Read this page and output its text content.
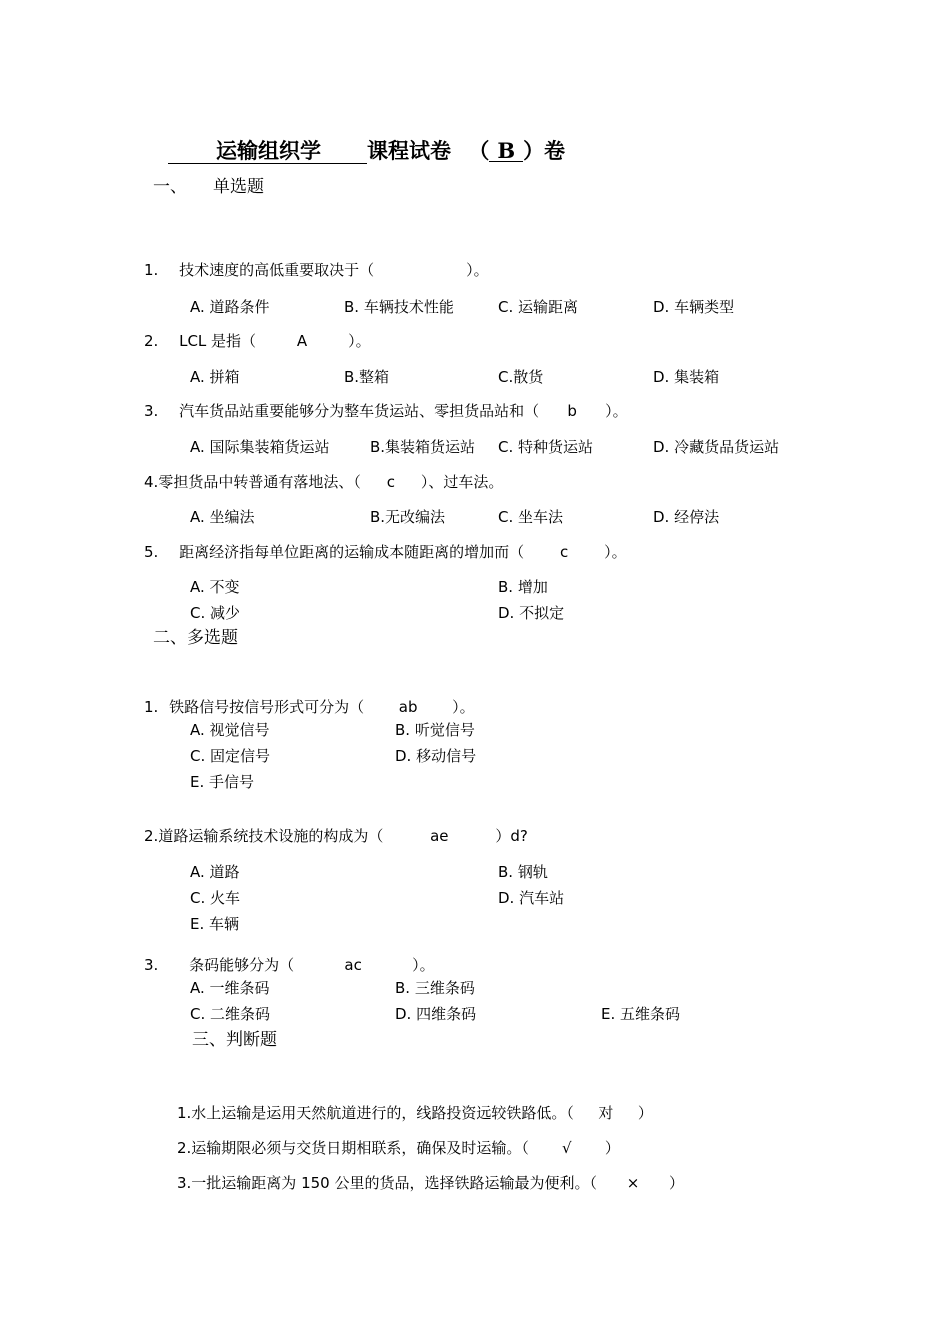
运输组织学 课程试卷 （ B ）卷
一、 单选题
1. 技术速度的高低重要取决于（	）。
A. 道路条件	B. 车辆技术性能	C. 运输距离	D. 车辆类型
2. LCL 是指（	A	）。
A. 拼箱	B.整箱	C.散货	D. 集装箱
3. 汽车货品站重要能够分为整车货运站、零担货品站和（ b ）。
A. 国际集装箱货运站	B.集装箱货运站 C. 特种货运站	D. 冷藏货品货运站
4.零担货品中转普通有落地法、（ c ）、过车法。
A. 坐编法	B.无改编法	C. 坐车法	D. 经停法
5. 距离经济指每单位距离的运输成本随距离的增加而（ c ）。
A. 不变	B. 增加
C. 减少	D. 不拟定
二、多选题
1. 铁路信号按信号形式可分为（ ab ）。
A. 视觉信号	B. 听觉信号
C. 固定信号	D. 移动信号
E. 手信号
2.道路运输系统技术设施的构成为（	ae	）d?
A. 道路	B. 钢轨
C. 火车	D. 汽车站
E. 车辆
3. 条码能够分为（	ac	）。
A. 一维条码	B. 三维条码
C. 二维条码	D. 四维条码	E. 五维条码
三、判断题
1.水上运输是运用天然航道进行的，线路投资远较铁路低。（ 对 ）
2.运输期限必须与交货日期相联系，确保及时运输。（ √ ）
3.一批运输距离为 150 公里的货品，选择铁路运输最为便利。（ × ）
